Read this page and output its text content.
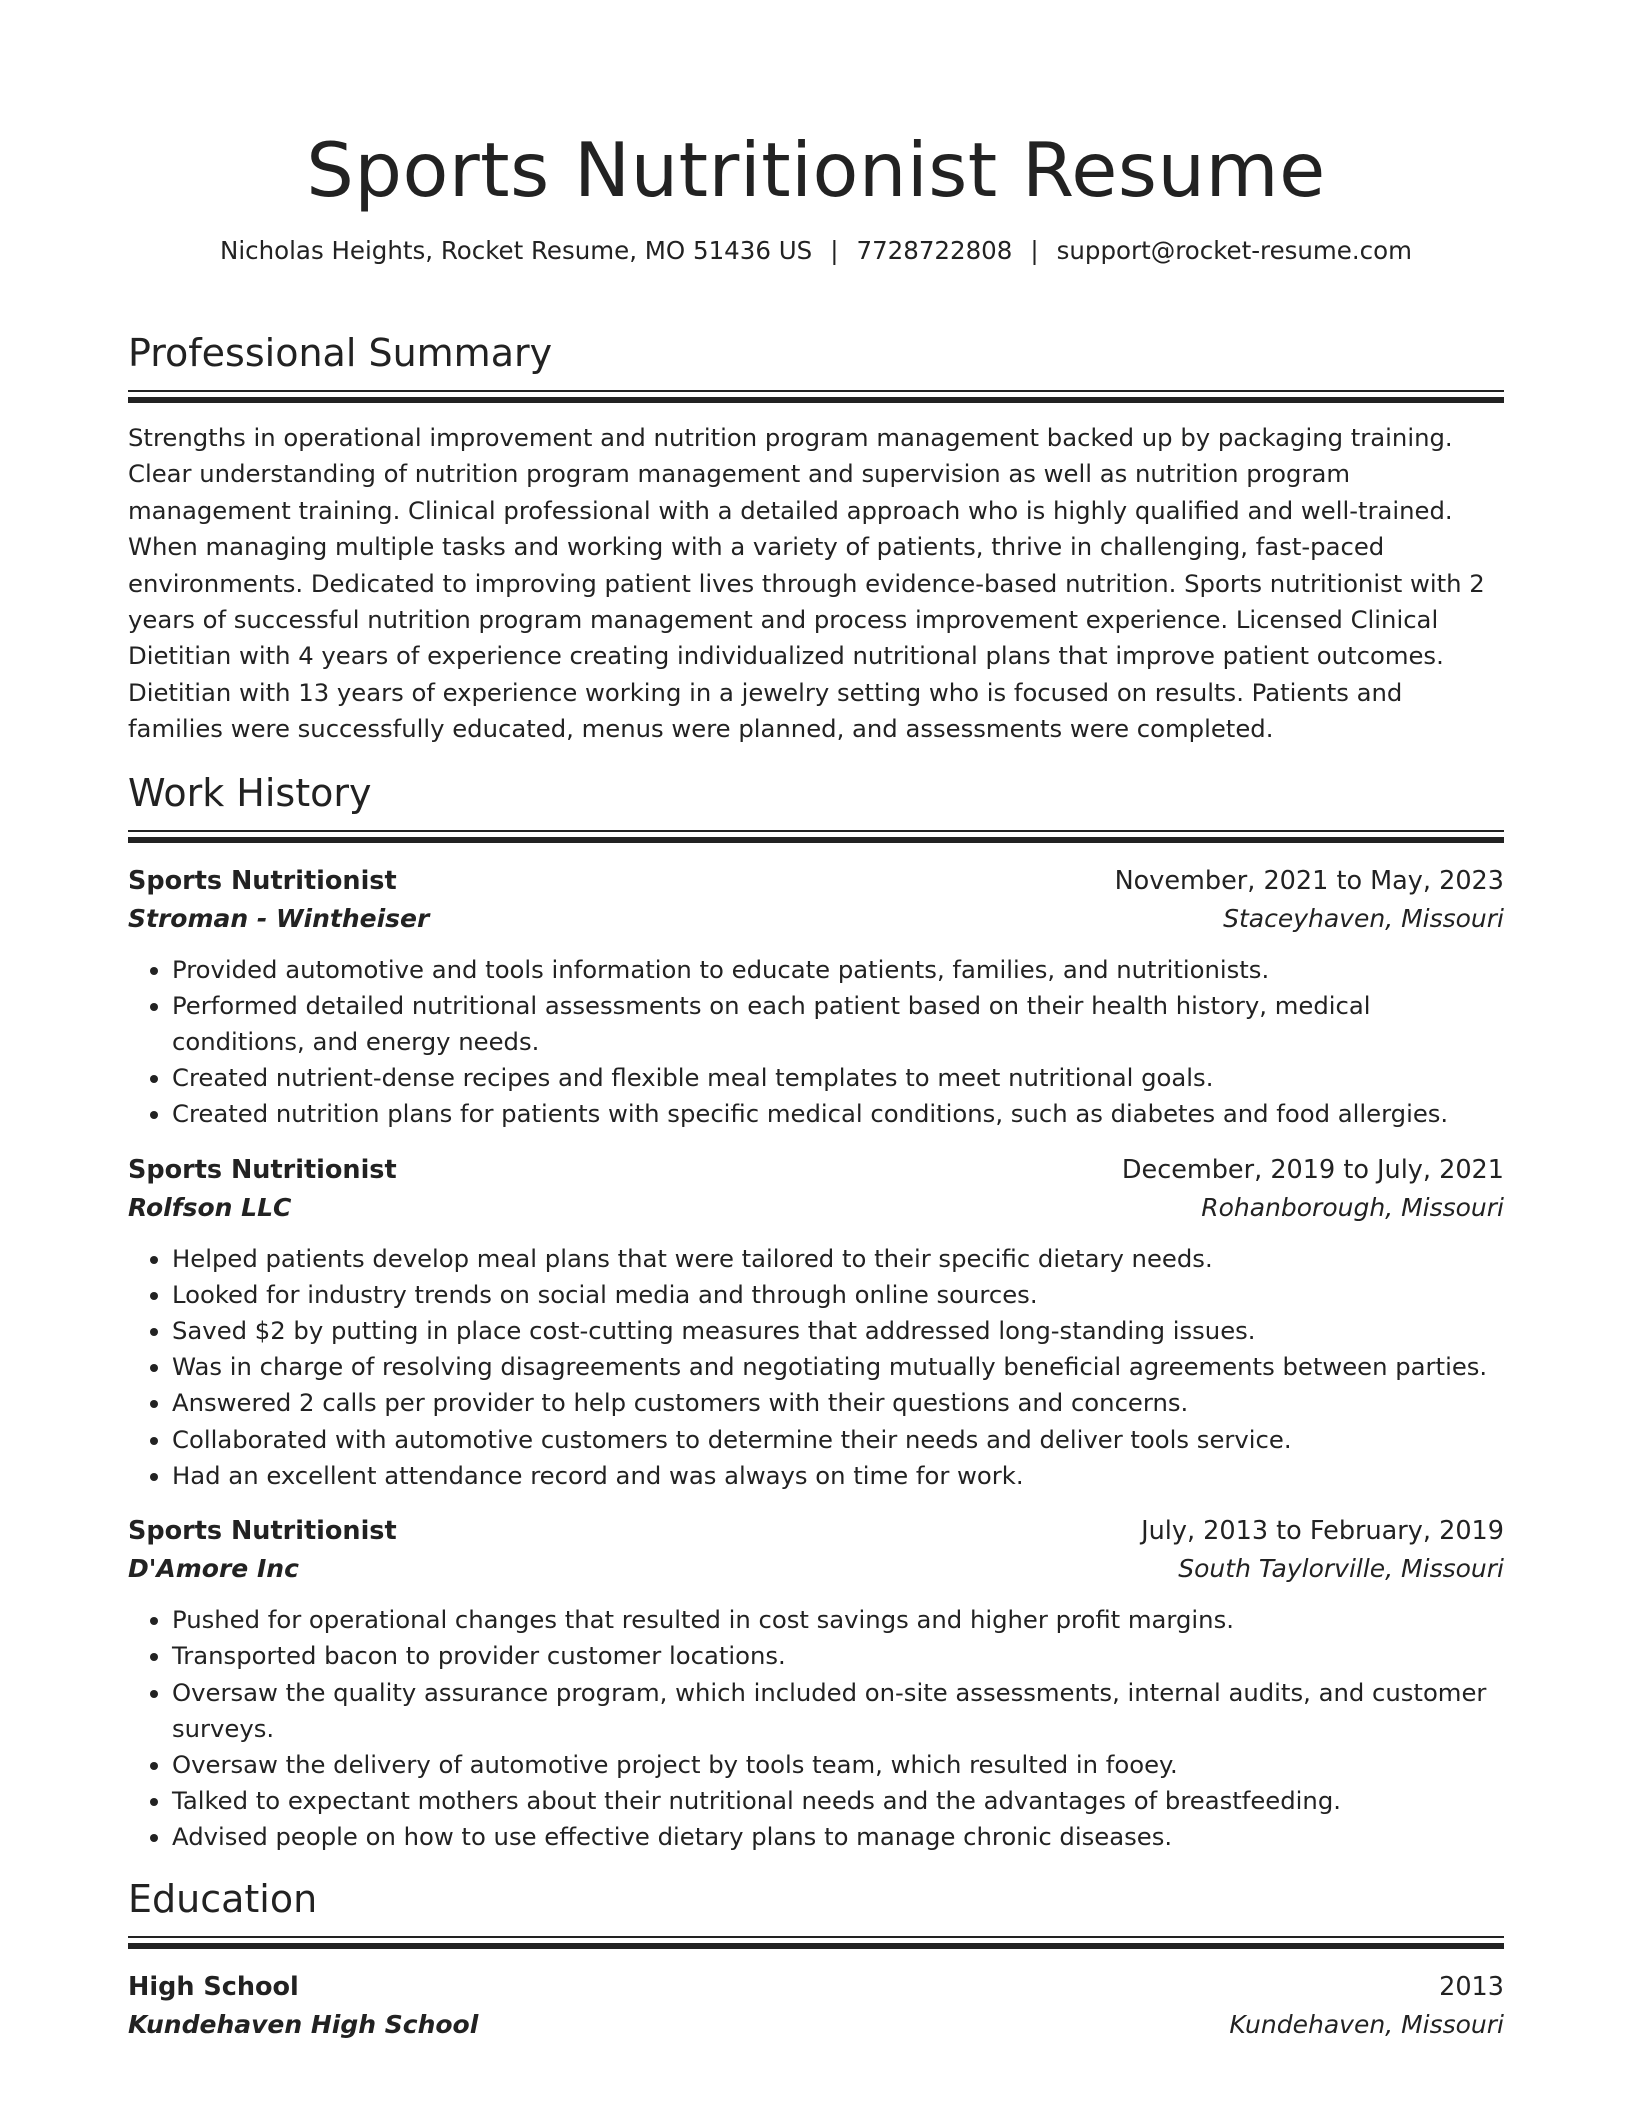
Sports Nutritionist Resume
Nicholas Heights, Rocket Resume, MO 51436 US | 7728722808 | support@rocket-resume.com
Professional Summary

Strengths in operational improvement and nutrition program management backed up by packaging training. Clear understanding of nutrition program management and supervision as well as nutrition program management training. Clinical professional with a detailed approach who is highly qualified and well-trained. When managing multiple tasks and working with a variety of patients, thrive in challenging, fast-paced environments. Dedicated to improving patient lives through evidence-based nutrition. Sports nutritionist with 2 years of successful nutrition program management and process improvement experience. Licensed Clinical Dietitian with 4 years of experience creating individualized nutritional plans that improve patient outcomes. Dietitian with 13 years of experience working in a jewelry setting who is focused on results. Patients and families were successfully educated, menus were planned, and assessments were completed.

Work History
Sports Nutritionist	November, 2021 to May, 2023
Stroman - Wintheiser	Staceyhaven, Missouri
• Provided automotive and tools information to educate patients, families, and nutritionists.
• Performed detailed nutritional assessments on each patient based on their health history, medical conditions, and energy needs.
• Created nutrient-dense recipes and flexible meal templates to meet nutritional goals.
• Created nutrition plans for patients with specific medical conditions, such as diabetes and food allergies.
Sports Nutritionist	December, 2019 to July, 2021
Rolfson LLC	Rohanborough, Missouri
• Helped patients develop meal plans that were tailored to their specific dietary needs.
• Looked for industry trends on social media and through online sources.
• Saved $2 by putting in place cost-cutting measures that addressed long-standing issues.
• Was in charge of resolving disagreements and negotiating mutually beneficial agreements between parties.
• Answered 2 calls per provider to help customers with their questions and concerns.
• Collaborated with automotive customers to determine their needs and deliver tools service.
• Had an excellent attendance record and was always on time for work.
Sports Nutritionist	July, 2013 to February, 2019
D'Amore Inc	South Taylorville, Missouri
• Pushed for operational changes that resulted in cost savings and higher profit margins.
• Transported bacon to provider customer locations.
• Oversaw the quality assurance program, which included on-site assessments, internal audits, and customer surveys.
• Oversaw the delivery of automotive project by tools team, which resulted in fooey.
• Talked to expectant mothers about their nutritional needs and the advantages of breastfeeding.
• Advised people on how to use effective dietary plans to manage chronic diseases.
Education
High School	2013
Kundehaven High School	Kundehaven, Missouri
